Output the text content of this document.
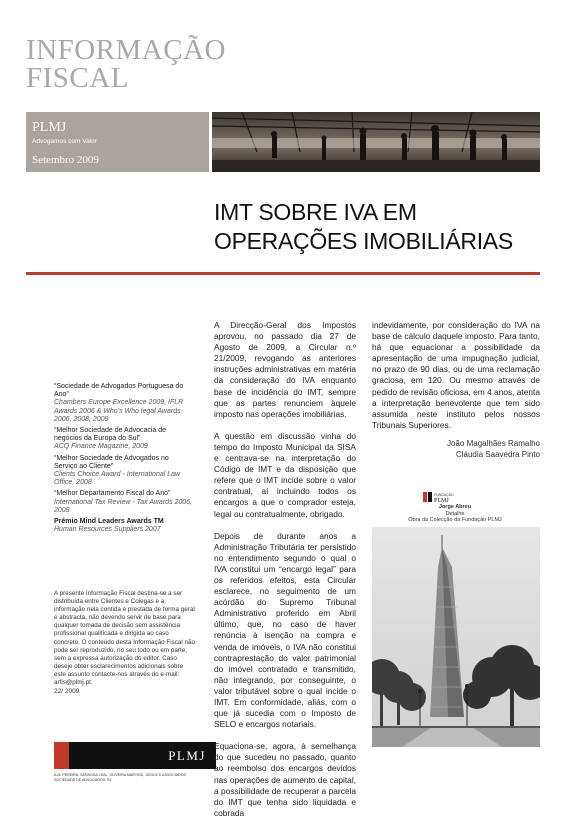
INFORMAÇÃO
FISCAL
PLMJ
Advogamos com Valor
Setembro 2009
IMT SOBRE IVA EM
OPERAÇÕES IMOBILIÁRIAS
“Sociedade de Advogados Portuguesa do Ano”
Chambers Europe Excellence 2009, IFLR Awards 2006 & Who’s Who legal Awards 2006, 2008, 2009
“Melhor Sociedade de Advocacia de negócios da Europa do Sul”
ACQ Finance Magazine, 2009
“Melhor Sociedade de Advogados no Serviço ao Cliente”
Clients Choice Award - International Law Office, 2008
“Melhor Departamento Fiscal do Ano”
International Tax Review - Tax Awards 2006, 2008
Prémio Mind Leaders Awards TM
Human Resources Suppliers 2007
A presente Informação Fiscal destina-se a ser distribuída entre Clientes e Colegas e a informação nela contida é prestada de forma geral e abstracta, não devendo servir de base para qualquer tomada de decisão sem assistência profissional qualificada e dirigida ao caso concreto. O conteúdo desta Informação Fiscal não pode ser reproduzido, no seu todo ou em parte, sem a expressa autorização do editor. Caso deseje obter esclarecimentos adicionais sobre este assunto contacte-nos através do e-mail: arfis@plmj.pt.
22/ 2009
PLMJ
A.M. PEREIRA, SÁRAGGA LEAL, OLIVEIRA MARTINS, JÚDICE E ASSOCIADOS
SOCIEDADE DE ADVOGADOS, RL

A Direcção-Geral dos Impostos aprovou, no passado dia 27 de Agosto de 2009, a Circular n.º 21/2009, revogando as anteriores instruções administrativas em matéria da consideração do IVA enquanto base de incidência do IMT, sempre que as partes renunciem àquele imposto nas operações imobiliárias.

A questão em discussão vinha do tempo do Imposto Municipal da SISA e centrava-se na interpretação do Código de IMT e da disposição que refere que o IMT incide sobre o valor contratual, aí incluindo todos os encargos a que o comprador esteja, legal ou contratualmente, obrigado.

Depois de durante anos a Administração Tributária ter persistido no entendimento segundo o qual o IVA constitui um “encargo legal” para os referidos efeitos, esta Circular esclarece, no seguimento de um acórdão do Supremo Tribunal Administrativo proferido em Abril último, que, no caso de haver renúncia à isenção na compra e venda de imóveis, o IVA não constitui contraprestação do valor patrimonial do imóvel contratado e transmitido, não integrando, por conseguinte, o valor tributável sobre o qual incide o IMT. Em conformidade, aliás, com o que já sucedia com o Imposto de SELO e encargos notariais.

Equaciona-se, agora, à semelhança do que sucedeu no passado, quanto ao reembolso dos encargos devidos nas operações de aumento de capital, a possibilidade de recuperar a parcela do IMT que tenha sido liquidada e cobrada

indevidamente, por consideração do IVA na base de cálculo daquele imposto. Para tanto, há que equacionar a possibilidade da apresentação de uma impugnação judicial, no prazo de 90 dias, ou de uma reclamação graciosa, em 120. Ou mesmo através de pedido de revisão oficiosa, em 4 anos, atenta a interpretação benevolente que tem sido assumida neste instituto pelos nossos Tribunais Superiores.

João Magalhães Ramalho
Cláudia Saavedra Pinto
FUNDAÇÃO
PLMJ
Jorge Abreu
Detalhe
Obra da Colecção da Fundação PLMJ
